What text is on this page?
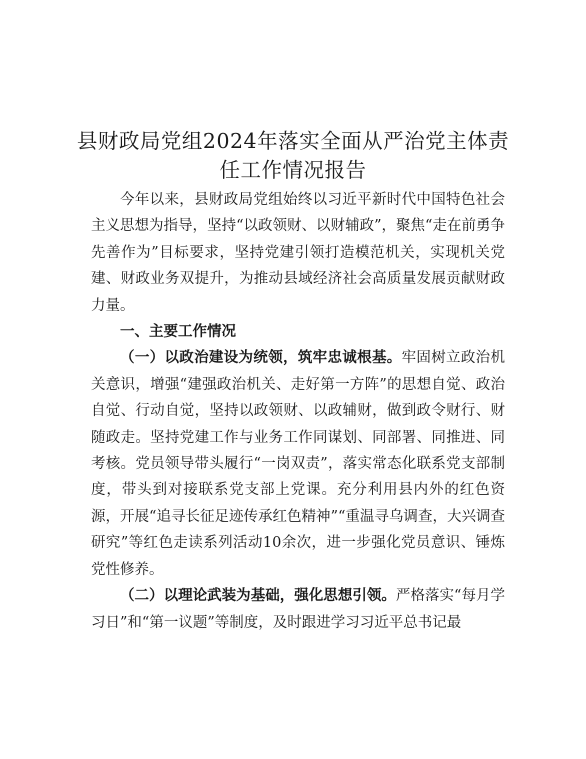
县财政局党组2024年落实全面从严治党主体责任工作情况报告

今年以来，县财政局党组始终以习近平新时代中国特色社会主义思想为指导，坚持“以政领财、以财辅政”，聚焦“走在前勇争先善作为”目标要求，坚持党建引领打造模范机关，实现机关党建、财政业务双提升，为推动县域经济社会高质量发展贡献财政力量。

一、主要工作情况

（一）以政治建设为统领，筑牢忠诚根基。牢固树立政治机关意识，增强“建强政治机关、走好第一方阵”的思想自觉、政治自觉、行动自觉，坚持以政领财、以政辅财，做到政令财行、财随政走。坚持党建工作与业务工作同谋划、同部署、同推进、同考核。党员领导带头履行“一岗双责”，落实常态化联系党支部制度，带头到对接联系党支部上党课。充分利用县内外的红色资源，开展“追寻长征足迹传承红色精神”“重温寻乌调查，大兴调查研究”等红色走读系列活动10余次，进一步强化党员意识、锤炼党性修养。

（二）以理论武装为基础，强化思想引领。严格落实“每月学习日”和“第一议题”等制度，及时跟进学习习近平总书记最
